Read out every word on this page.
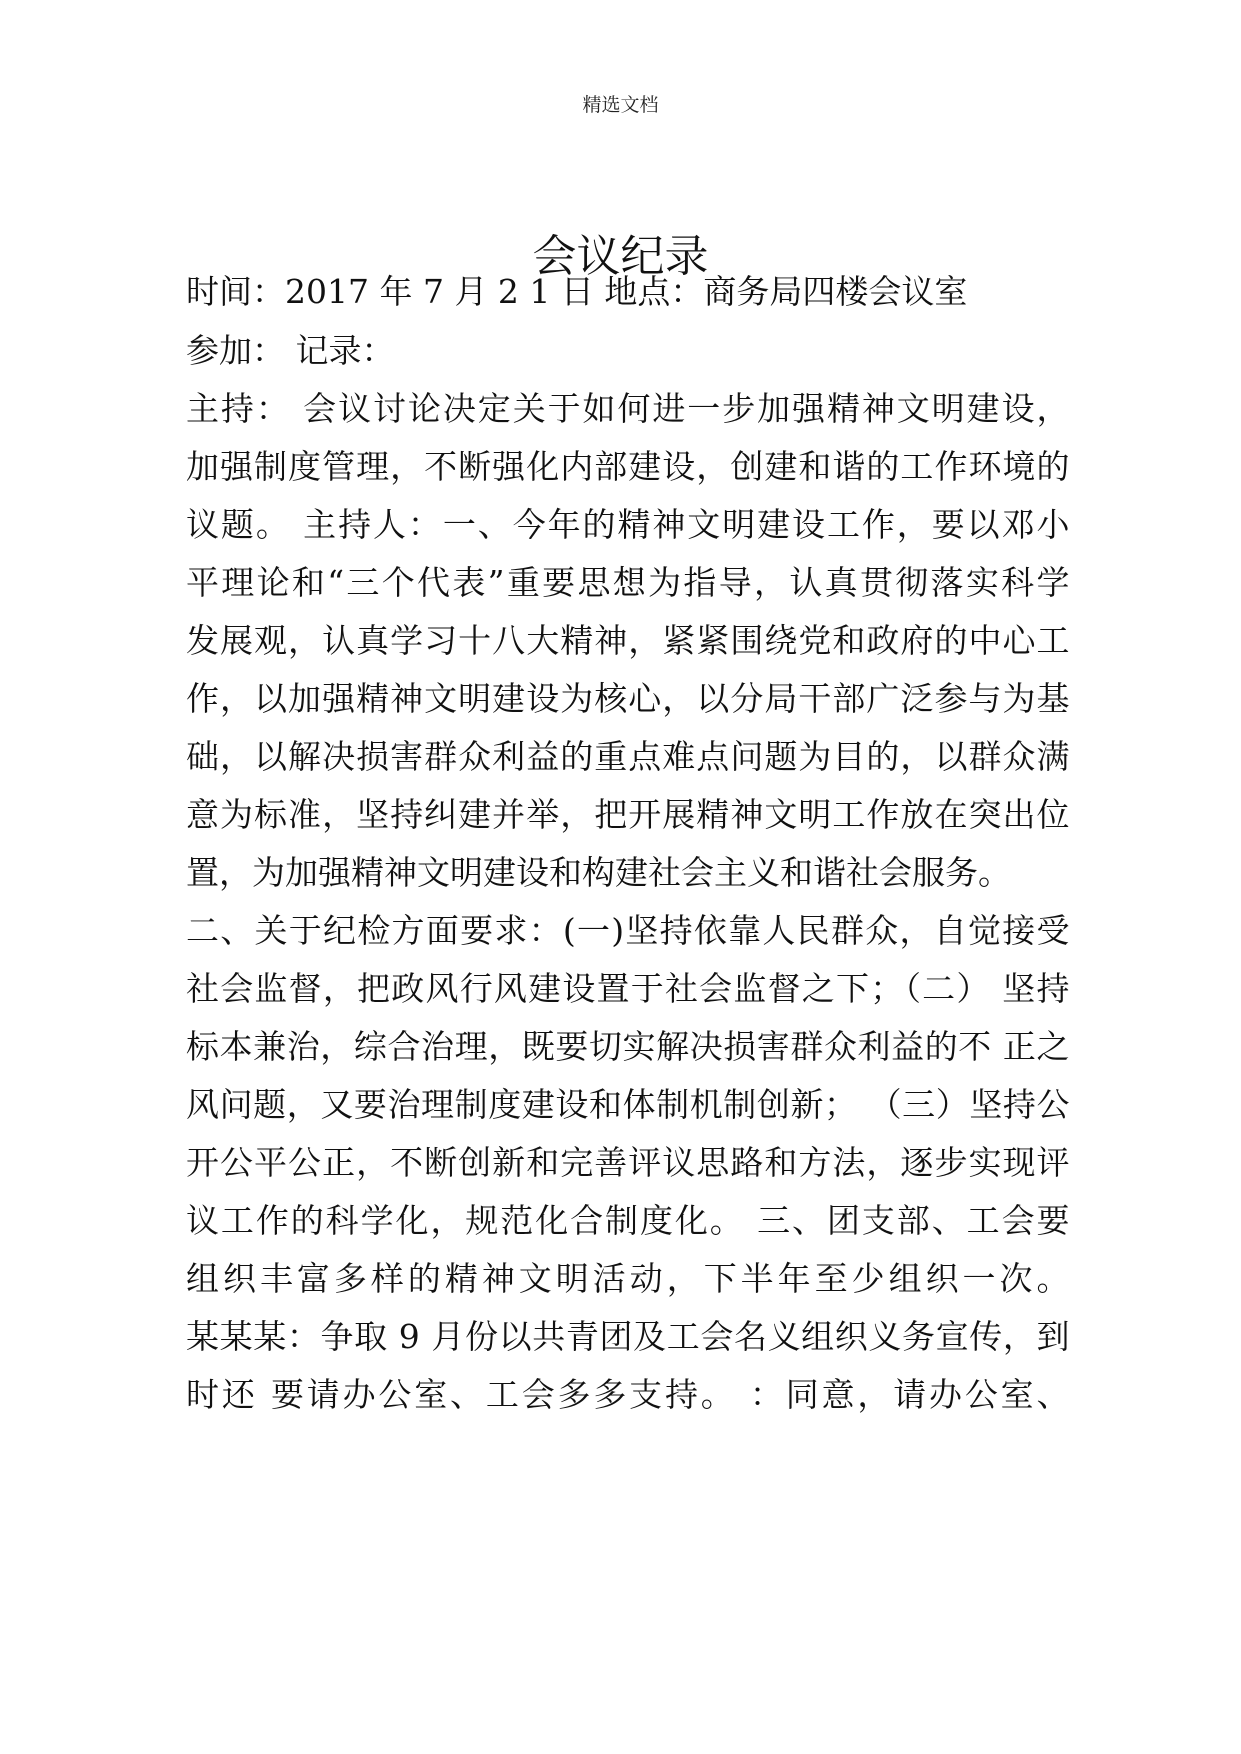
精选文档
会议纪录
时间：2017 年 7 月 2 1 日 地点：商务局四楼会议室
参加： 记录：
主持： 会议讨论决定关于如何进一步加强精神文明建设，
加强制度管理，不断强化内部建设，创建和谐的工作环境的
议题。 主持人：一、今年的精神文明建设工作，要以邓小
平理论和“三个代表”重要思想为指导，认真贯彻落实科学
发展观，认真学习十八大精神，紧紧围绕党和政府的中心工
作，以加强精神文明建设为核心，以分局干部广泛参与为基
础，以解决损害群众利益的重点难点问题为目的，以群众满
意为标准，坚持纠建并举，把开展精神文明工作放在突出位
置，为加强精神文明建设和构建社会主义和谐社会服务。
二、关于纪检方面要求：(一)坚持依靠人民群众，自觉接受
社会监督，把政风行风建设置于社会监督之下；（二） 坚持
标本兼治，综合治理，既要切实解决损害群众利益的不 正之
风问题，又要治理制度建设和体制机制创新； （三）坚持公
开公平公正，不断创新和完善评议思路和方法，逐步实现评
议工作的科学化，规范化合制度化。 三、团支部、工会要
组织丰富多样的精神文明活动，下半年至少组织一次。
某某某：争取 9 月份以共青团及工会名义组织义务宣传，到
时还 要请办公室、工会多多支持。 ：同意，请办公室、
